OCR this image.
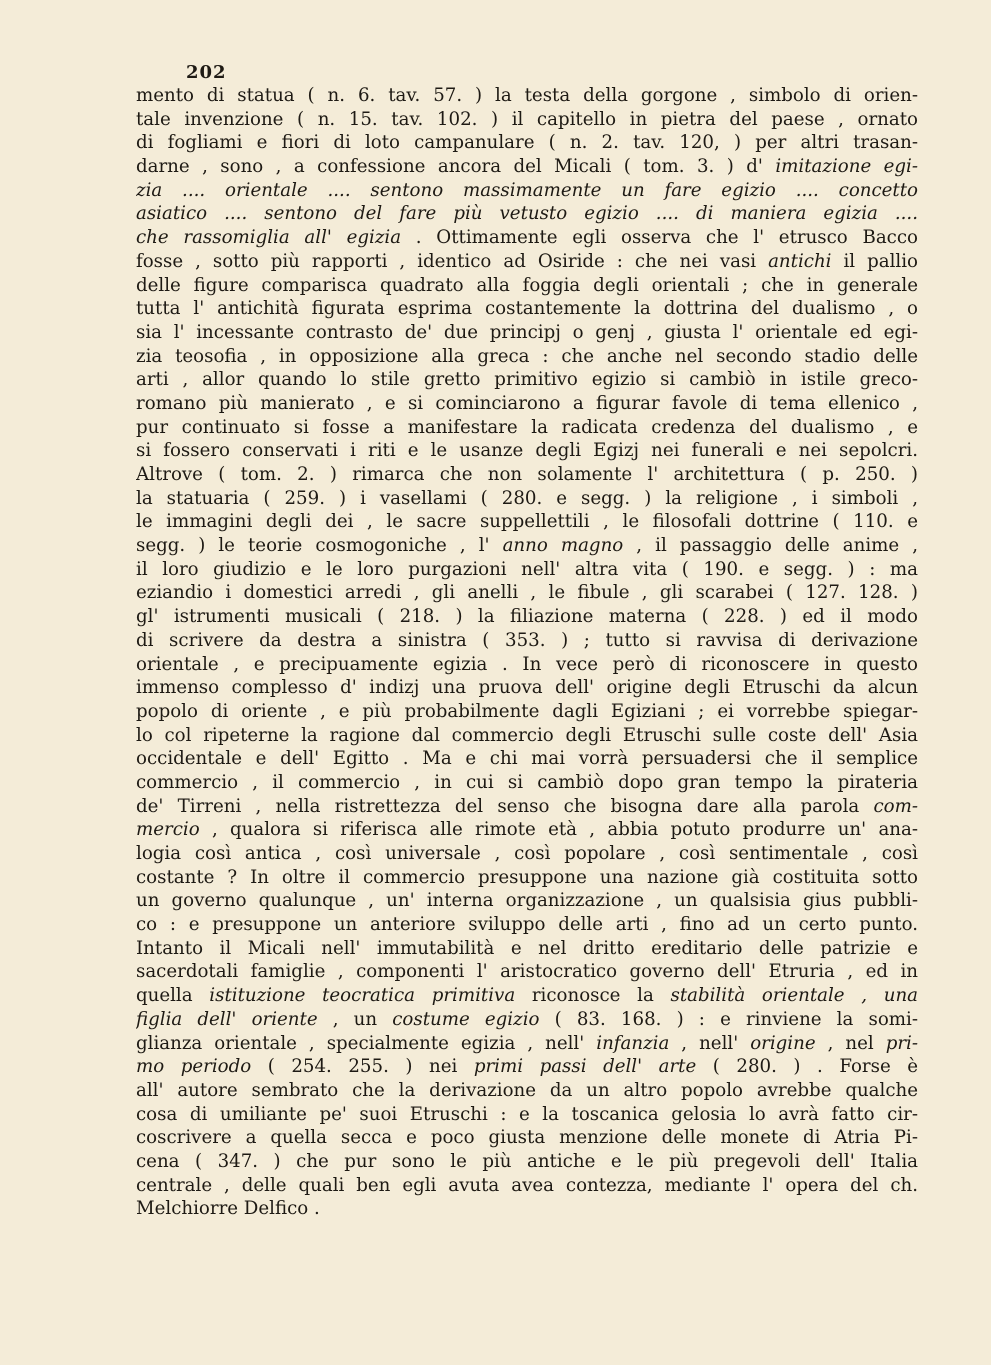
202
mento di statua ( n. 6. tav. 57. ) la testa della gorgone , simbolo di orien-
tale invenzione ( n. 15. tav. 102. ) il capitello in pietra del paese , ornato
di fogliami e fiori di loto campanulare ( n. 2. tav. 120, ) per altri trasan-
darne , sono , a confessione ancora del Micali ( tom. 3. ) d' imitazione egi-
zia .... orientale .... sentono massimamente un fare egizio .... concetto
asiatico .... sentono del fare più vetusto egizio .... di maniera egizia ....
che rassomiglia all' egizia . Ottimamente egli osserva che l' etrusco Bacco
fosse , sotto più rapporti , identico ad Osiride : che nei vasi antichi il pallio
delle figure comparisca quadrato alla foggia degli orientali ; che in generale
tutta l' antichità figurata esprima costantemente la dottrina del dualismo , o
sia l' incessante contrasto de' due principj o genj , giusta l' orientale ed egi-
zia teosofia , in opposizione alla greca : che anche nel secondo stadio delle
arti , allor quando lo stile gretto primitivo egizio si cambiò in istile greco-
romano più manierato , e si cominciarono a figurar favole di tema ellenico ,
pur continuato si fosse a manifestare la radicata credenza del dualismo , e
si fossero conservati i riti e le usanze degli Egizj nei funerali e nei sepolcri.
Altrove ( tom. 2. ) rimarca che non solamente l' architettura ( p. 250. )
la statuaria ( 259. ) i vasellami ( 280. e segg. ) la religione , i simboli ,
le immagini degli dei , le sacre suppellettili , le filosofali dottrine ( 110. e
segg. ) le teorie cosmogoniche , l' anno magno , il passaggio delle anime ,
il loro giudizio e le loro purgazioni nell' altra vita ( 190. e segg. ) : ma
eziandio i domestici arredi , gli anelli , le fibule , gli scarabei ( 127. 128. )
gl' istrumenti musicali ( 218. ) la filiazione materna ( 228. ) ed il modo
di scrivere da destra a sinistra ( 353. ) ; tutto si ravvisa di derivazione
orientale , e precipuamente egizia . In vece però di riconoscere in questo
immenso complesso d' indizj una pruova dell' origine degli Etruschi da alcun
popolo di oriente , e più probabilmente dagli Egiziani ; ei vorrebbe spiegar-
lo col ripeterne la ragione dal commercio degli Etruschi sulle coste dell' Asia
occidentale e dell' Egitto . Ma e chi mai vorrà persuadersi che il semplice
commercio , il commercio , in cui si cambiò dopo gran tempo la pirateria
de' Tirreni , nella ristrettezza del senso che bisogna dare alla parola com-
mercio , qualora si riferisca alle rimote età , abbia potuto produrre un' ana-
logia così antica , così universale , così popolare , così sentimentale , così
costante ? In oltre il commercio presuppone una nazione già costituita sotto
un governo qualunque , un' interna organizzazione , un qualsisia gius pubbli-
co : e presuppone un anteriore sviluppo delle arti , fino ad un certo punto.
Intanto il Micali nell' immutabilità e nel dritto ereditario delle patrizie e
sacerdotali famiglie , componenti l' aristocratico governo dell' Etruria , ed in
quella istituzione teocratica primitiva riconosce la stabilità orientale , una
figlia dell' oriente , un costume egizio ( 83. 168. ) : e rinviene la somi-
glianza orientale , specialmente egizia , nell' infanzia , nell' origine , nel pri-
mo periodo ( 254. 255. ) nei primi passi dell' arte ( 280. ) . Forse è
all' autore sembrato che la derivazione da un altro popolo avrebbe qualche
cosa di umiliante pe' suoi Etruschi : e la toscanica gelosia lo avrà fatto cir-
coscrivere a quella secca e poco giusta menzione delle monete di Atria Pi-
cena ( 347. ) che pur sono le più antiche e le più pregevoli dell' Italia
centrale , delle quali ben egli avuta avea contezza, mediante l' opera del ch.
Melchiorre Delfico .
